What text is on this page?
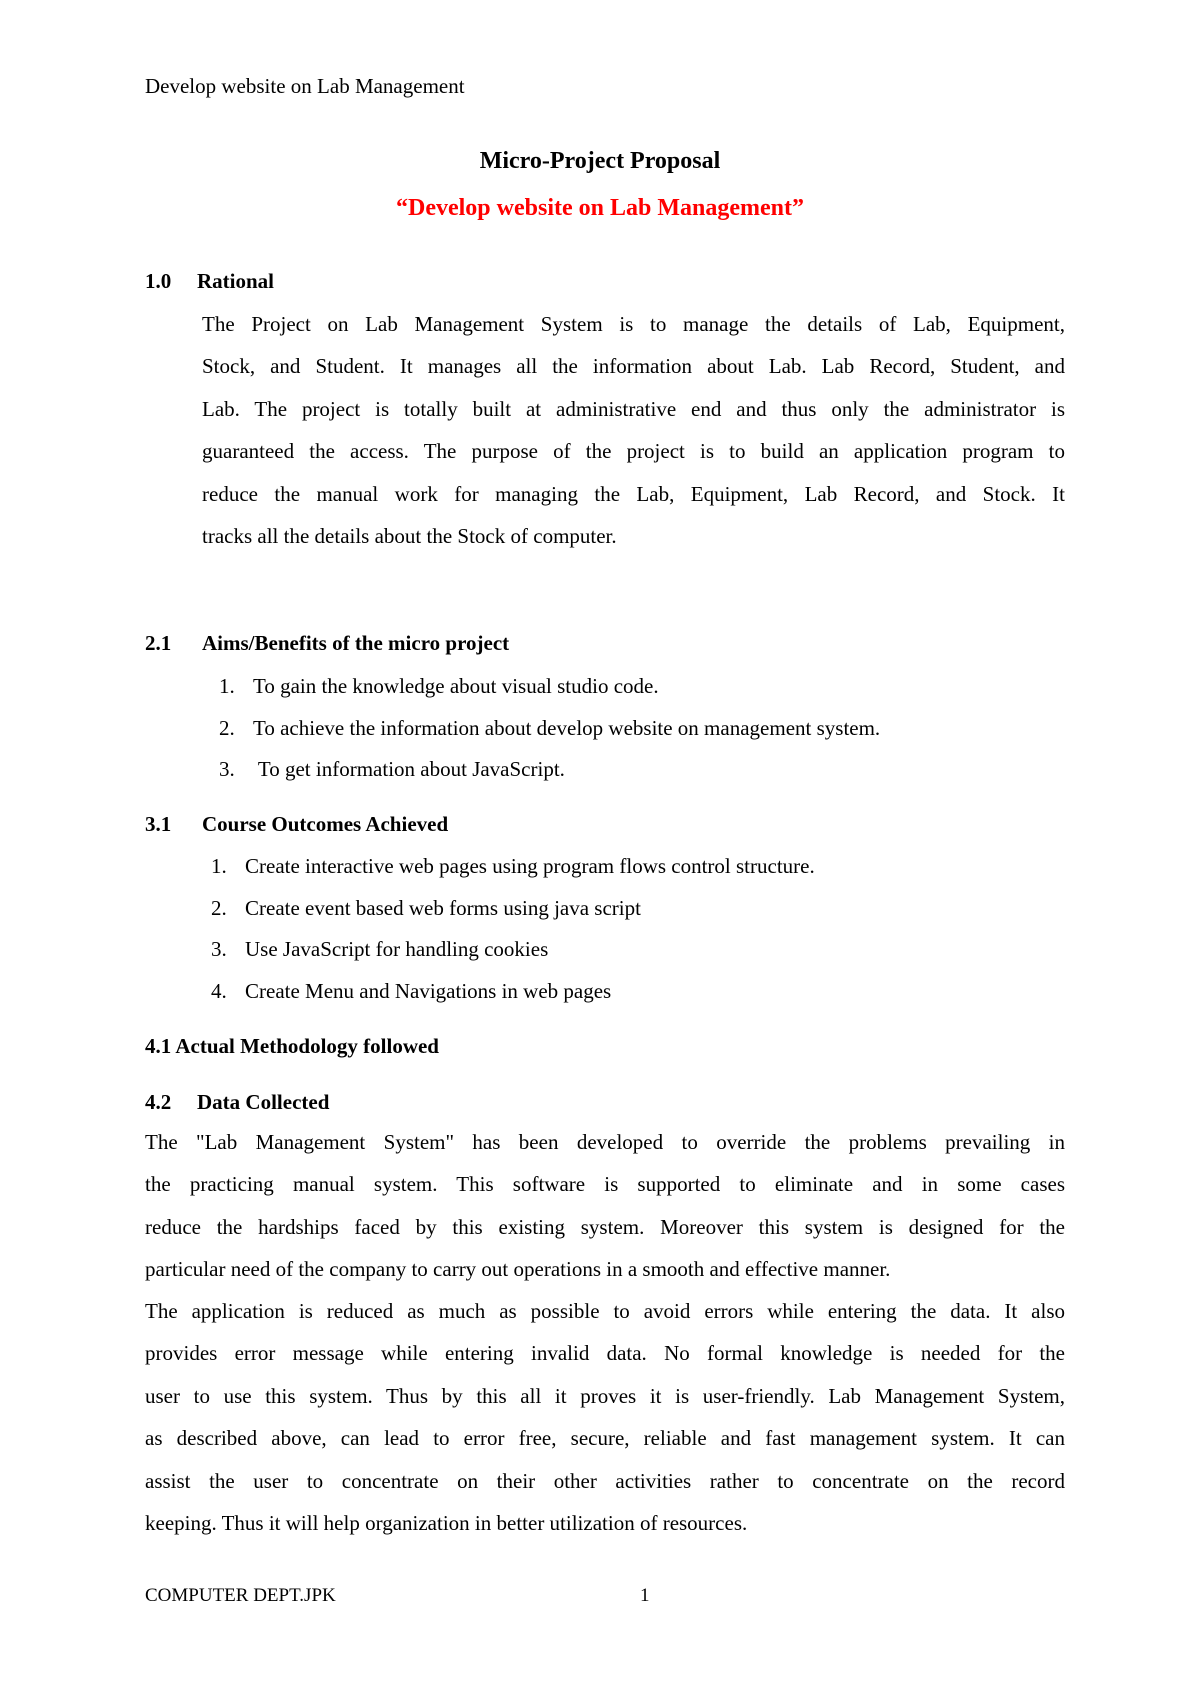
Develop website on Lab Management
Micro-Project Proposal
“Develop website on Lab Management”
1.0 Rational
The Project on Lab Management System is to manage the details of Lab, Equipment,
Stock, and Student. It manages all the information about Lab. Lab Record, Student, and
Lab. The project is totally built at administrative end and thus only the administrator is
guaranteed the access. The purpose of the project is to build an application program to
reduce the manual work for managing the Lab, Equipment, Lab Record, and Stock. It
tracks all the details about the Stock of computer.
2.1 Aims/Benefits of the micro project
1. To gain the knowledge about visual studio code.
2. To achieve the information about develop website on management system.
3. To get information about JavaScript.
3.1 Course Outcomes Achieved
1. Create interactive web pages using program flows control structure.
2. Create event based web forms using java script
3. Use JavaScript for handling cookies
4. Create Menu and Navigations in web pages
4.1 Actual Methodology followed
4.2 Data Collected
The "Lab Management System" has been developed to override the problems prevailing in
the practicing manual system. This software is supported to eliminate and in some cases
reduce the hardships faced by this existing system. Moreover this system is designed for the
particular need of the company to carry out operations in a smooth and effective manner.
The application is reduced as much as possible to avoid errors while entering the data. It also
provides error message while entering invalid data. No formal knowledge is needed for the
user to use this system. Thus by this all it proves it is user-friendly. Lab Management System,
as described above, can lead to error free, secure, reliable and fast management system. It can
assist the user to concentrate on their other activities rather to concentrate on the record
keeping. Thus it will help organization in better utilization of resources.
COMPUTER DEPT.JPK	1
